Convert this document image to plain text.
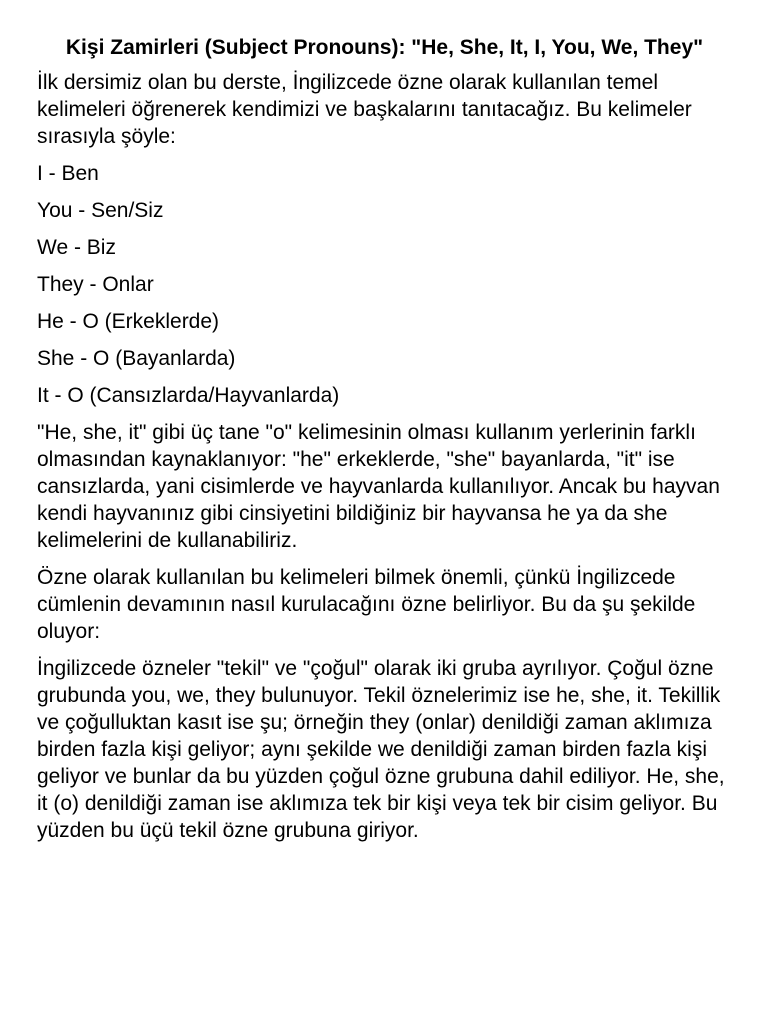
Kişi Zamirleri (Subject Pronouns): "He, She, It, I, You, We, They"
İlk dersimiz olan bu derste, İngilizcede özne olarak kullanılan temel kelimeleri öğrenerek kendimizi ve başkalarını tanıtacağız. Bu kelimeler sırasıyla şöyle:
I - Ben
You - Sen/Siz
We - Biz
They - Onlar
He - O (Erkeklerde)
She - O (Bayanlarda)
It - O (Cansızlarda/Hayvanlarda)
"He, she, it" gibi üç tane "o" kelimesinin olması kullanım yerlerinin farklı olmasından kaynaklanıyor: "he" erkeklerde, "she" bayanlarda, "it" ise cansızlarda, yani cisimlerde ve hayvanlarda kullanılıyor. Ancak bu hayvan kendi hayvanınız gibi cinsiyetini bildiğiniz bir hayvansa he ya da she kelimelerini de kullanabiliriz.
Özne olarak kullanılan bu kelimeleri bilmek önemli, çünkü İngilizcede cümlenin devamının nasıl kurulacağını özne belirliyor. Bu da şu şekilde oluyor:
İngilizcede özneler "tekil" ve "çoğul" olarak iki gruba ayrılıyor. Çoğul özne grubunda you, we, they bulunuyor. Tekil öznelerimiz ise he, she, it. Tekillik ve çoğulluktan kasıt ise şu; örneğin they (onlar) denildiği zaman aklımıza birden fazla kişi geliyor; aynı şekilde we denildiği zaman birden fazla kişi geliyor ve bunlar da bu yüzden çoğul özne grubuna dahil ediliyor. He, she, it (o) denildiği zaman ise aklımıza tek bir kişi veya tek bir cisim geliyor. Bu yüzden bu üçü tekil özne grubuna giriyor.
